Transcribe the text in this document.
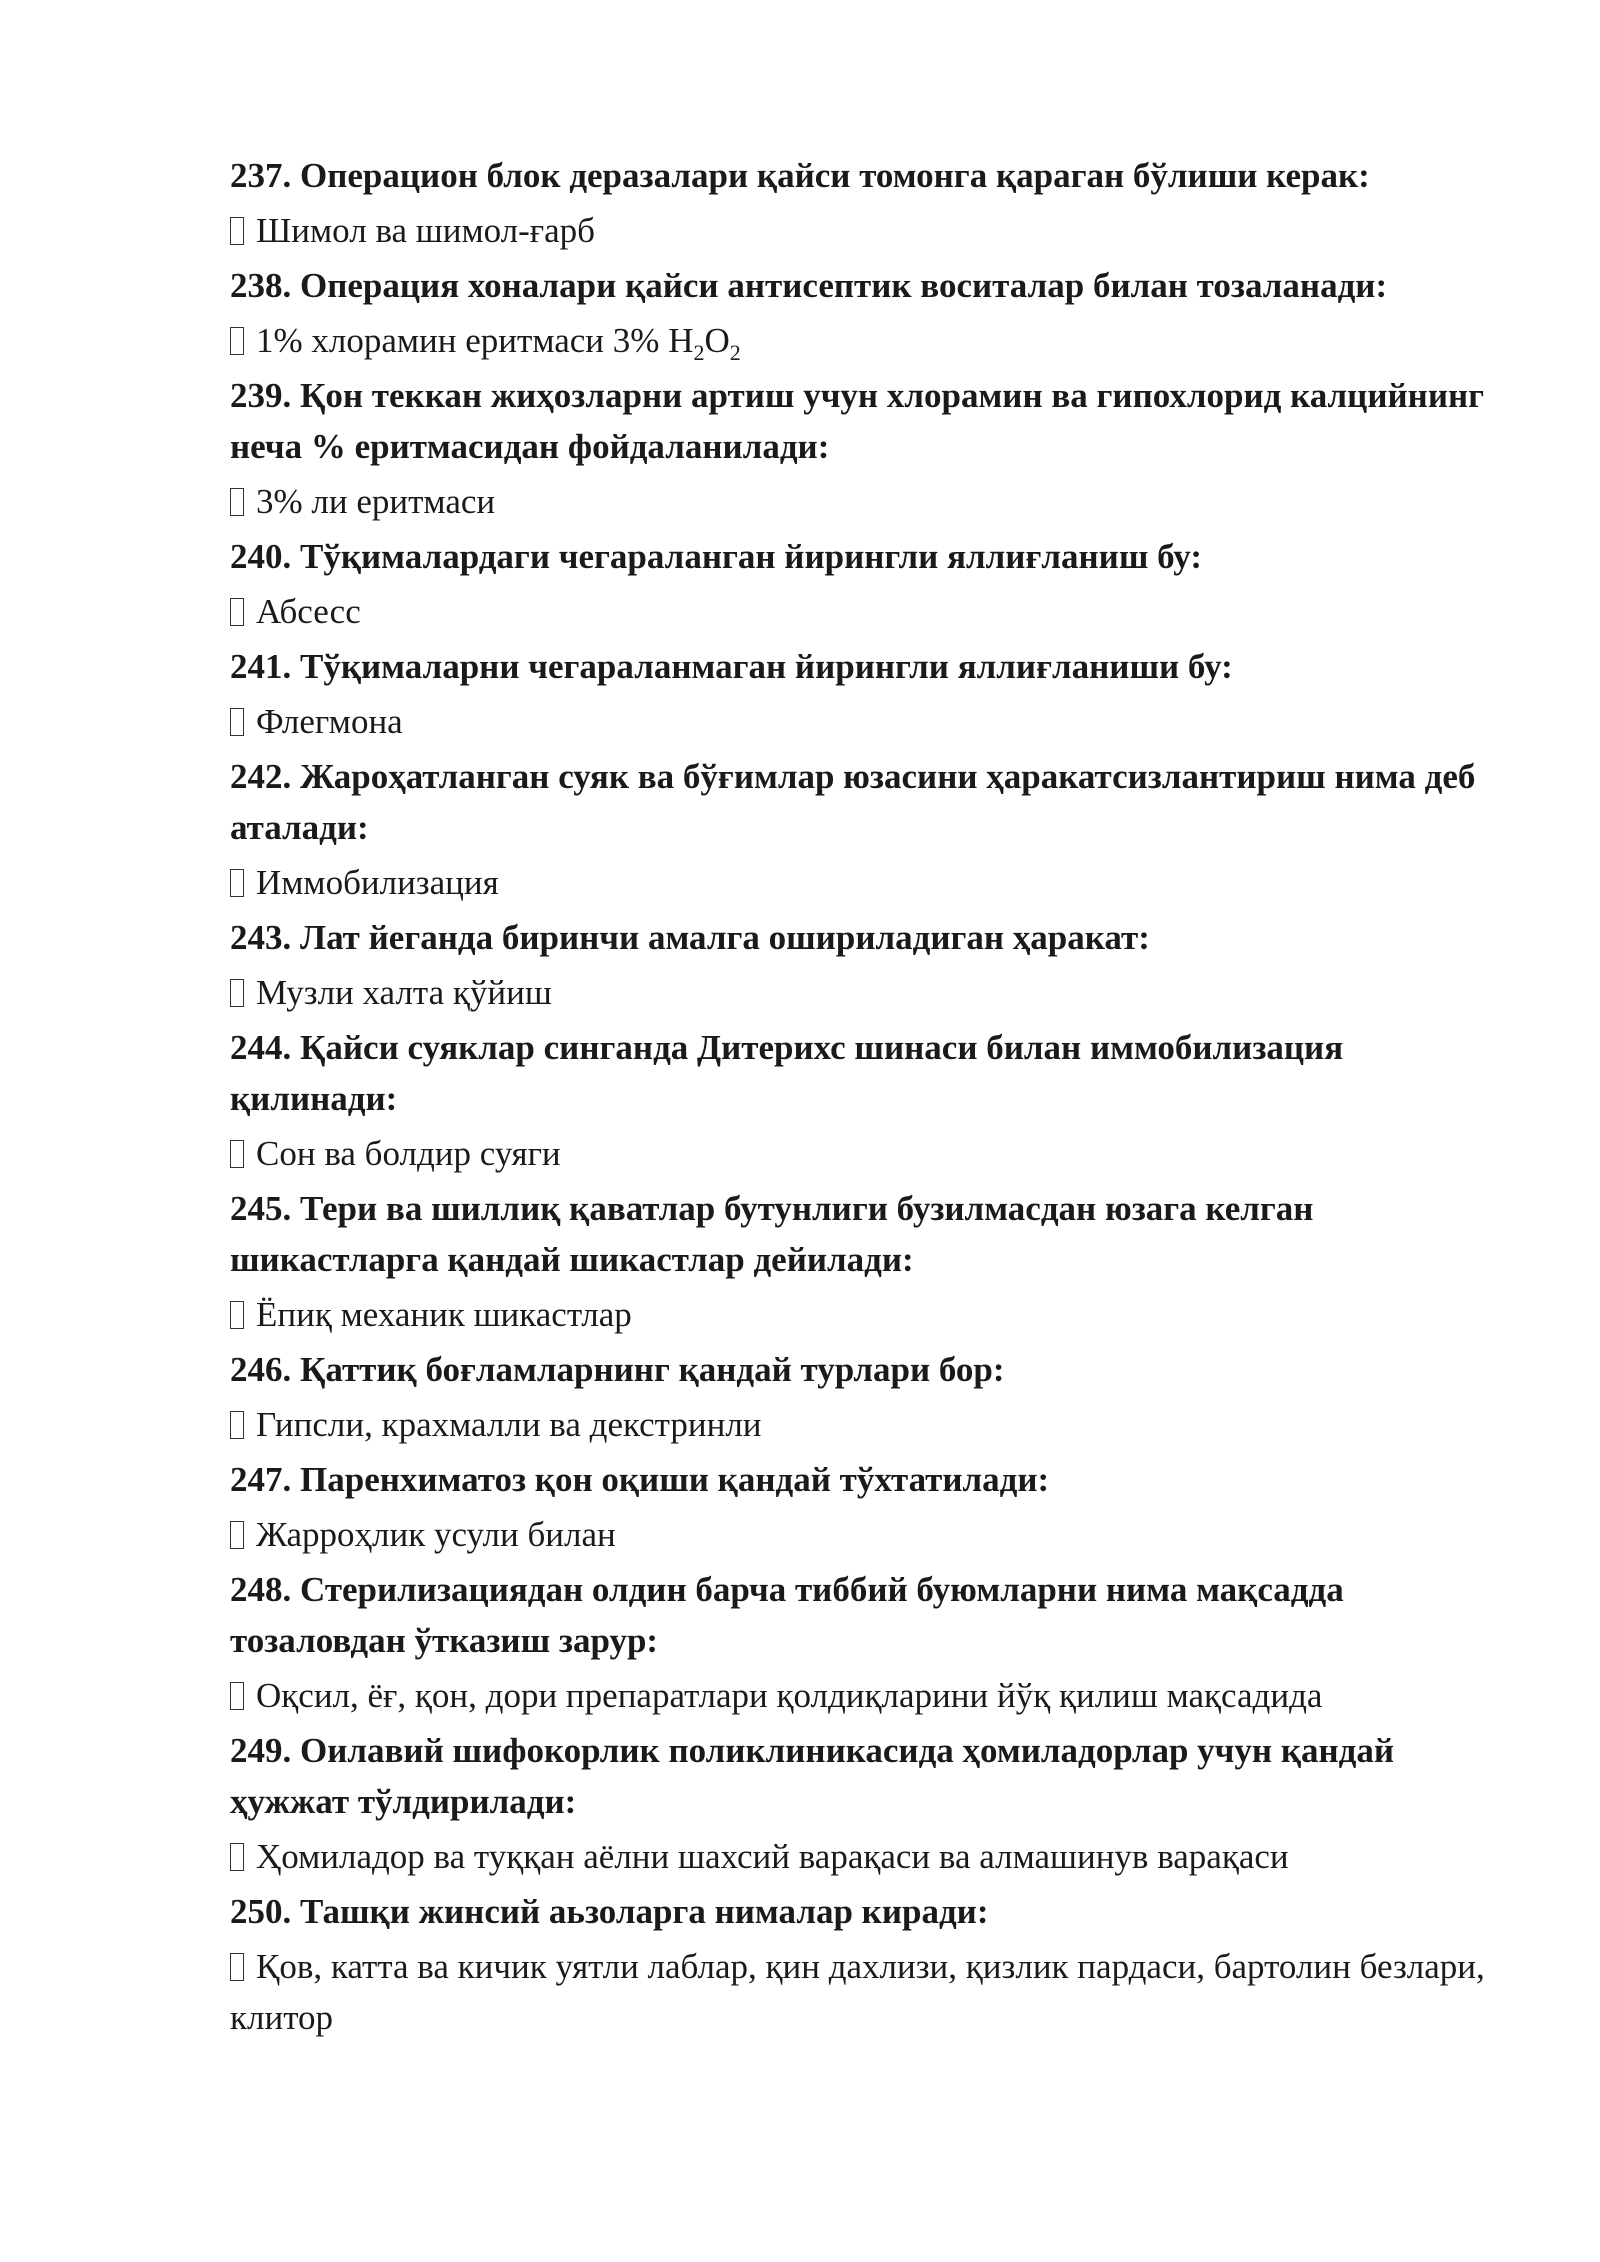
237. Операцион блок деразалари қайси томонга қараган бўлиши керак:

Шимол ва шимол-ғарб

238. Операция хоналари қайси антисептик воситалар билан тозаланади:

1% хлорамин еритмаси 3% $H_2O_2$

239. Қон теккан жиҳозларни артиш учун хлорамин ва гипохлорид калцийнинг неча % еритмасидан фойдаланилади:

3% ли еритмаси

240. Тўқималардаги чегараланган йирингли яллиғланиш бу:

Абсесс

241. Тўқималарни чегараланмаган йирингли яллиғланиши бу:

Флегмона

242. Жароҳатланган суяк ва бўғимлар юзасини ҳаракатсизлантириш нима деб аталади:

Иммобилизация

243. Лат йеганда биринчи амалга ошириладиган ҳаракат:

Музли халта қўйиш

244. Қайси суяклар синганда Дитерихс шинаси билан иммобилизация қилинади:

Сон ва болдир суяги

245. Тери ва шиллиқ қаватлар бутунлиги бузилмасдан юзага келган шикастларга қандай шикастлар дейилади:

Ёпиқ механик шикастлар

246. Қаттиқ боғламларнинг қандай турлари бор:

Гипсли, крахмалли ва декстринли

247. Паренхиматоз қон оқиши қандай тўхтатилади:

Жарроҳлик усули билан

248. Стерилизациядан олдин барча тиббий буюмларни нима мақсадда тозаловдан ўтказиш зарур:

Оқсил, ёғ, қон, дори препаратлари қолдиқларини йўқ қилиш мақсадида

249. Оилавий шифокорлик поликлиникасида ҳомиладорлар учун қандай ҳужжат тўлдирилади:

Ҳомиладор ва туққан аёлни шахсий варақаси ва алмашинув варақаси

250. Ташқи жинсий аьзоларга нималар киради:

Қов, катта ва кичик уятли лаблар, қин дахлизи, қизлик пардаси, бартолин безлари, клитор
